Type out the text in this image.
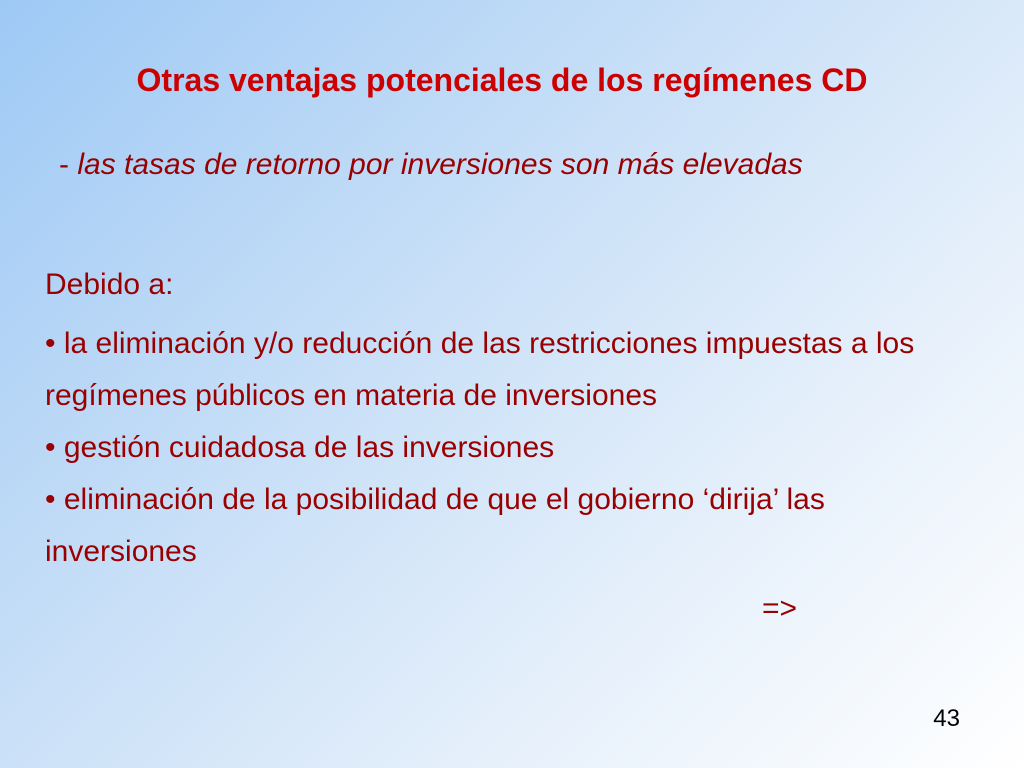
Otras ventajas potenciales de los regímenes CD
- las tasas de retorno por inversiones son más elevadas
Debido a:
• la eliminación y/o reducción de las restricciones impuestas a los regímenes públicos en materia de inversiones
• gestión cuidadosa de las inversiones
• eliminación de la posibilidad de que el gobierno ‘dirija’ las inversiones
=>
43
